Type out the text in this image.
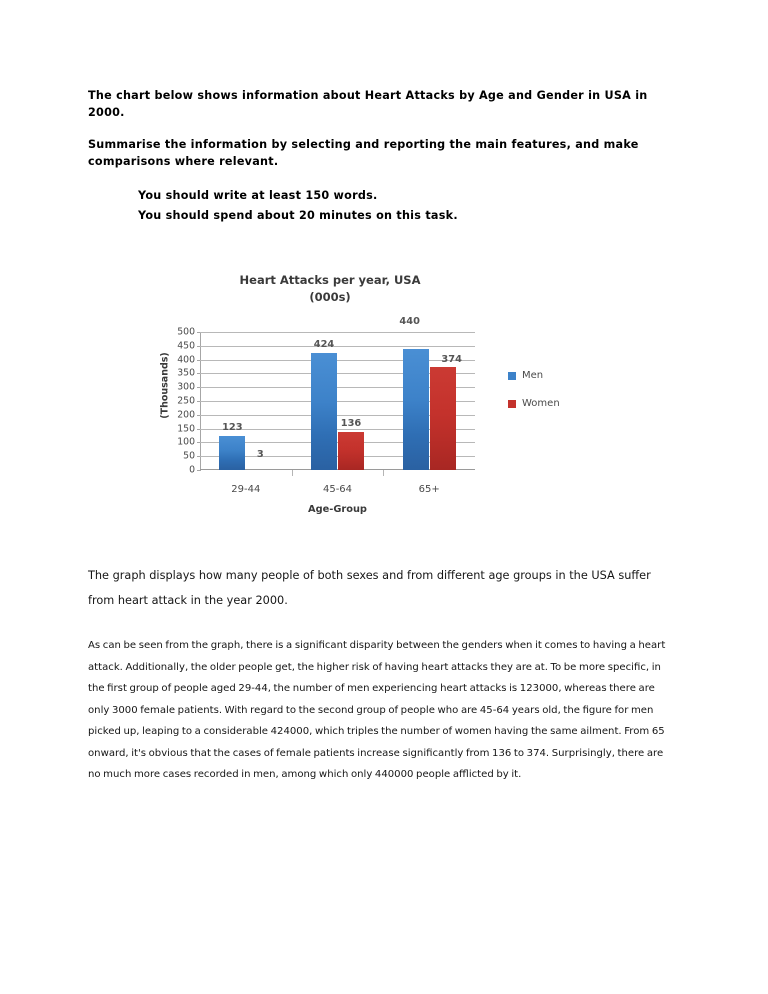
The chart below shows information about Heart Attacks by Age and Gender in USA in 2000.

Summarise the information by selecting and reporting the main features, and make comparisons where relevant.

You should write at least 150 words.

You should spend about 20 minutes on this task.

Heart Attacks per year, USA
(000s)
(Thousands)
500
450
400
350
300
250
200
150
100
50
0
123
3
29-44
424
136
45-64
440
374
65+
Age-Group
Men
Women

The graph displays how many people of both sexes and from different age groups in the USA suffer from heart attack in the year 2000.

As can be seen from the graph, there is a significant disparity between the genders when it comes to having a heart attack. Additionally, the older people get, the higher risk of having heart attacks they are at. To be more specific, in the first group of people aged 29-44, the number of men experiencing heart attacks is 123000, whereas there are only 3000 female patients. With regard to the second group of people who are 45-64 years old, the figure for men picked up, leaping to a considerable 424000, which triples the number of women having the same ailment. From 65 onward, it's obvious that the cases of female patients increase significantly from 136 to 374. Surprisingly, there are no much more cases recorded in men, among which only 440000 people afflicted by it.
